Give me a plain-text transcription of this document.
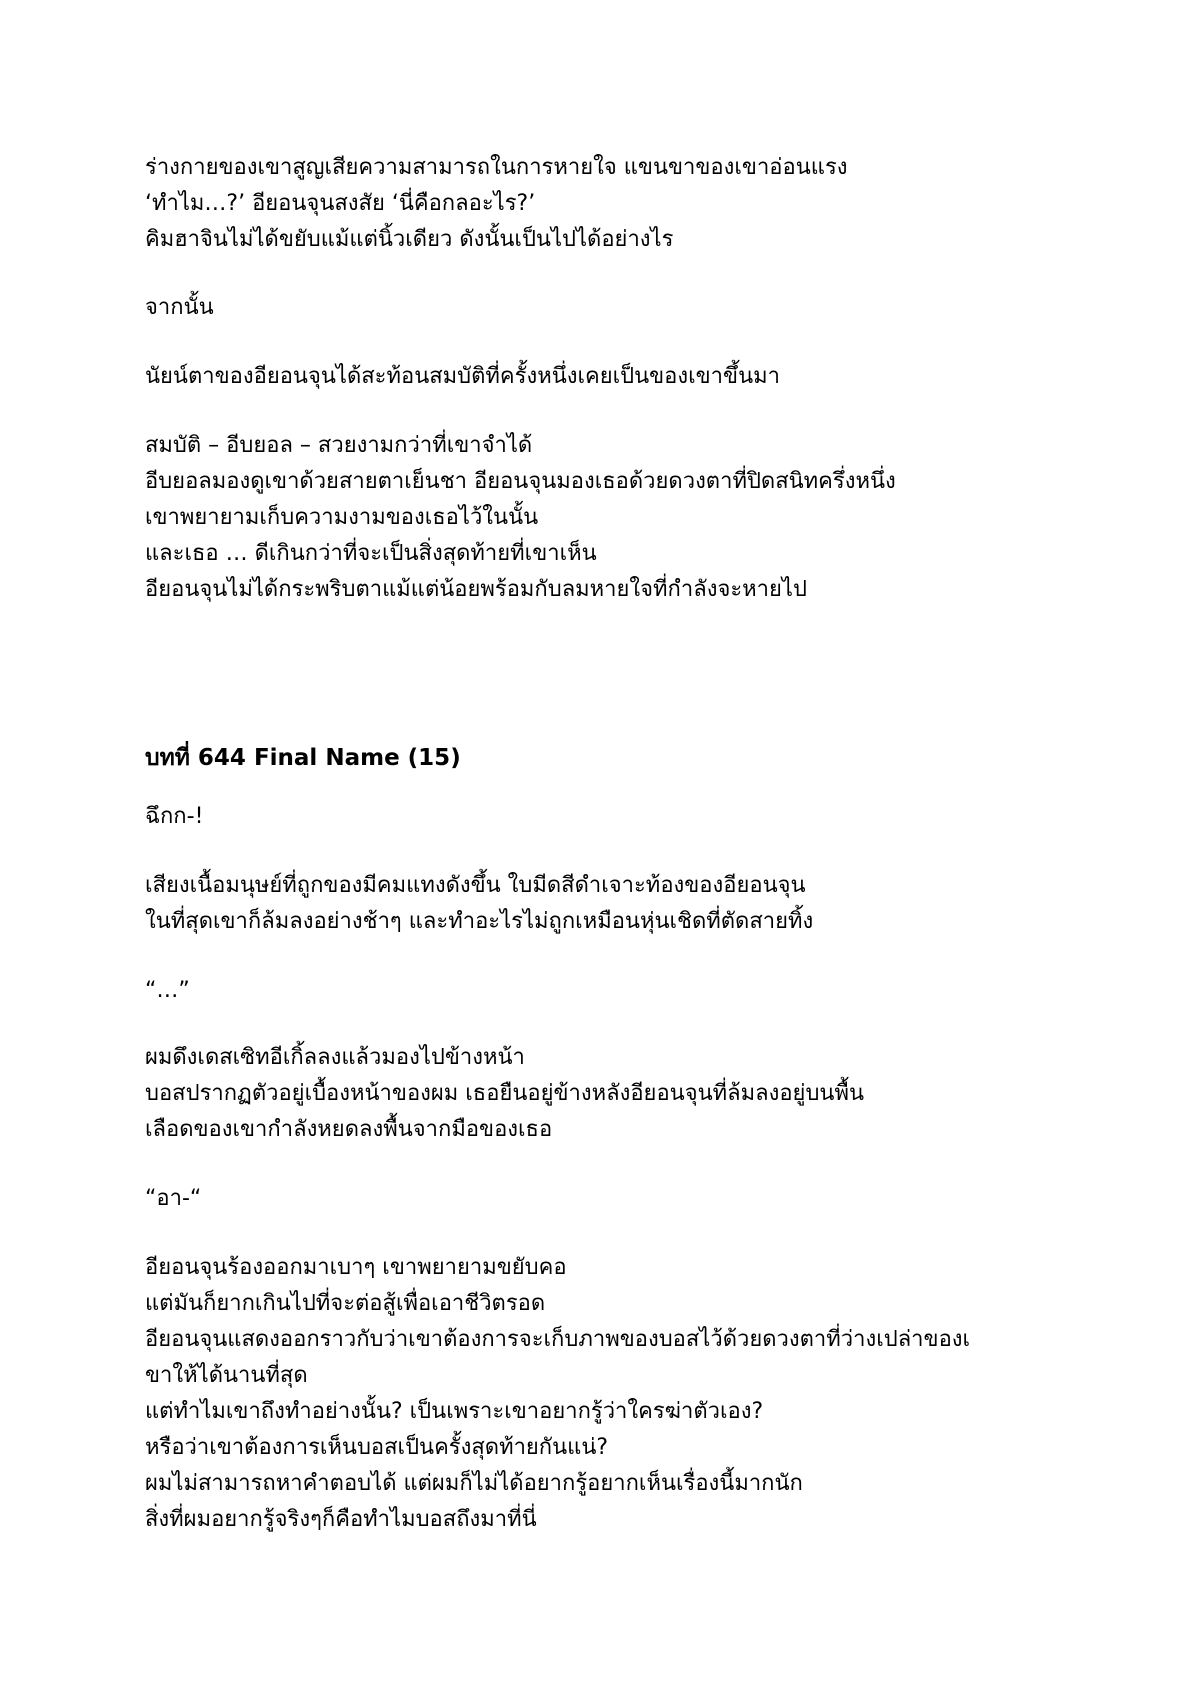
ร่างกายของเขาสูญเสียความสามารถในการหายใจ แขนขาของเขาอ่อนแรง
‘ทำไม…?’ อียอนจุนสงสัย ‘นี่คือกลอะไร?’
คิมฮาจินไม่ได้ขยับแม้แต่นิ้วเดียว ดังนั้นเป็นไปได้อย่างไร
จากนั้น
นัยน์ตาของอียอนจุนได้สะท้อนสมบัติที่ครั้งหนึ่งเคยเป็นของเขาขึ้นมา
สมบัติ – อีบยอล – สวยงามกว่าที่เขาจำได้
อีบยอลมองดูเขาด้วยสายตาเย็นชา อียอนจุนมองเธอด้วยดวงตาที่ปิดสนิทครึ่งหนึ่ง
เขาพยายามเก็บความงามของเธอไว้ในนั้น
และเธอ … ดีเกินกว่าที่จะเป็นสิ่งสุดท้ายที่เขาเห็น
อียอนจุนไม่ได้กระพริบตาแม้แต่น้อยพร้อมกับลมหายใจที่กำลังจะหายไป
บทที่ 644 Final Name (15)
ฉึกก-!
เสียงเนื้อมนุษย์ที่ถูกของมีคมแทงดังขึ้น ใบมีดสีดำเจาะท้องของอียอนจุน
ในที่สุดเขาก็ล้มลงอย่างช้าๆ และทำอะไรไม่ถูกเหมือนหุ่นเชิดที่ตัดสายทิ้ง
“…”
ผมดึงเดสเซิทอีเกิ้ลลงแล้วมองไปข้างหน้า
บอสปรากฏตัวอยู่เบื้องหน้าของผม เธอยืนอยู่ข้างหลังอียอนจุนที่ล้มลงอยู่บนพื้น
เลือดของเขากำลังหยดลงพื้นจากมือของเธอ
“อา-“
อียอนจุนร้องออกมาเบาๆ เขาพยายามขยับคอ
แต่มันก็ยากเกินไปที่จะต่อสู้เพื่อเอาชีวิตรอด
อียอนจุนแสดงออกราวกับว่าเขาต้องการจะเก็บภาพของบอสไว้ด้วยดวงตาที่ว่างเปล่าของเ
ขาให้ได้นานที่สุด
แต่ทำไมเขาถึงทำอย่างนั้น? เป็นเพราะเขาอยากรู้ว่าใครฆ่าตัวเอง?
หรือว่าเขาต้องการเห็นบอสเป็นครั้งสุดท้ายกันแน่?
ผมไม่สามารถหาคำตอบได้ แต่ผมก็ไม่ได้อยากรู้อยากเห็นเรื่องนี้มากนัก
สิ่งที่ผมอยากรู้จริงๆก็คือทำไมบอสถึงมาที่นี่
